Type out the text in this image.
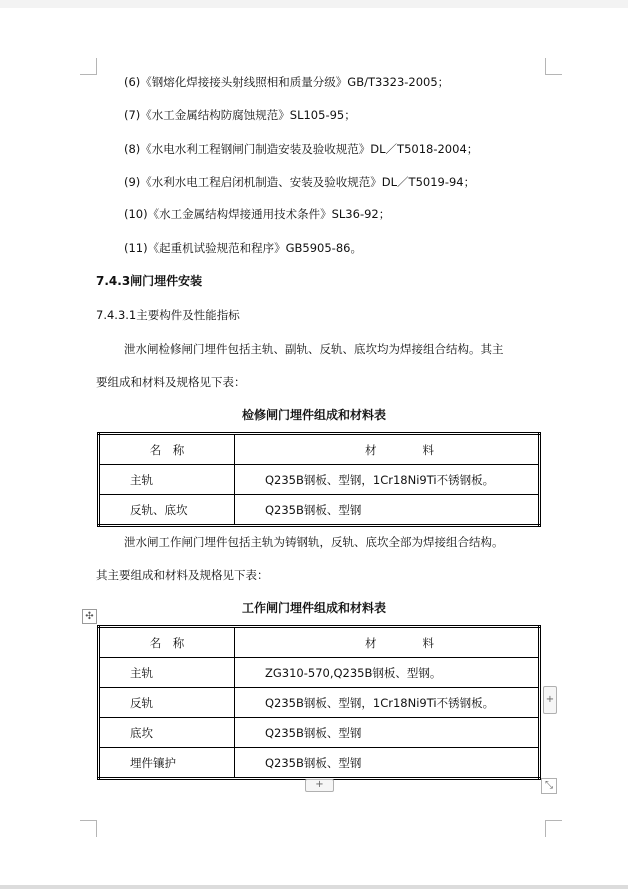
(6)《钢熔化焊接接头射线照相和质量分级》GB/T3323-2005；
(7)《水工金属结构防腐蚀规范》SL105-95；
(8)《水电水利工程钢闸门制造安装及验收规范》DL／T5018-2004；
(9)《水利水电工程启闭机制造、安装及验收规范》DL／T5019-94；
(10)《水工金属结构焊接通用技术条件》SL36-92；
(11)《起重机试验规范和程序》GB5905-86。
7.4.3闸门埋件安装
7.4.3.1主要构件及性能指标
泄水闸检修闸门埋件包括主轨、副轨、反轨、底坎均为焊接组合结构。其主
要组成和材料及规格见下表：
检修闸门埋件组成和材料表
名　称	材　　　　料
主轨	Q235B钢板、型钢，1Cr18Ni9Ti不锈钢板。
反轨、底坎	Q235B钢板、型钢
泄水闸工作闸门埋件包括主轨为铸钢轨，反轨、底坎全部为焊接组合结构。
其主要组成和材料及规格见下表：
✣
工作闸门埋件组成和材料表
名　称	材　　　　料
主轨	ZG310-570,Q235B钢板、型钢。
反轨	Q235B钢板、型钢，1Cr18Ni9Ti不锈钢板。
底坎	Q235B钢板、型钢
埋件镶护	Q235B钢板、型钢
+
+	⤡
